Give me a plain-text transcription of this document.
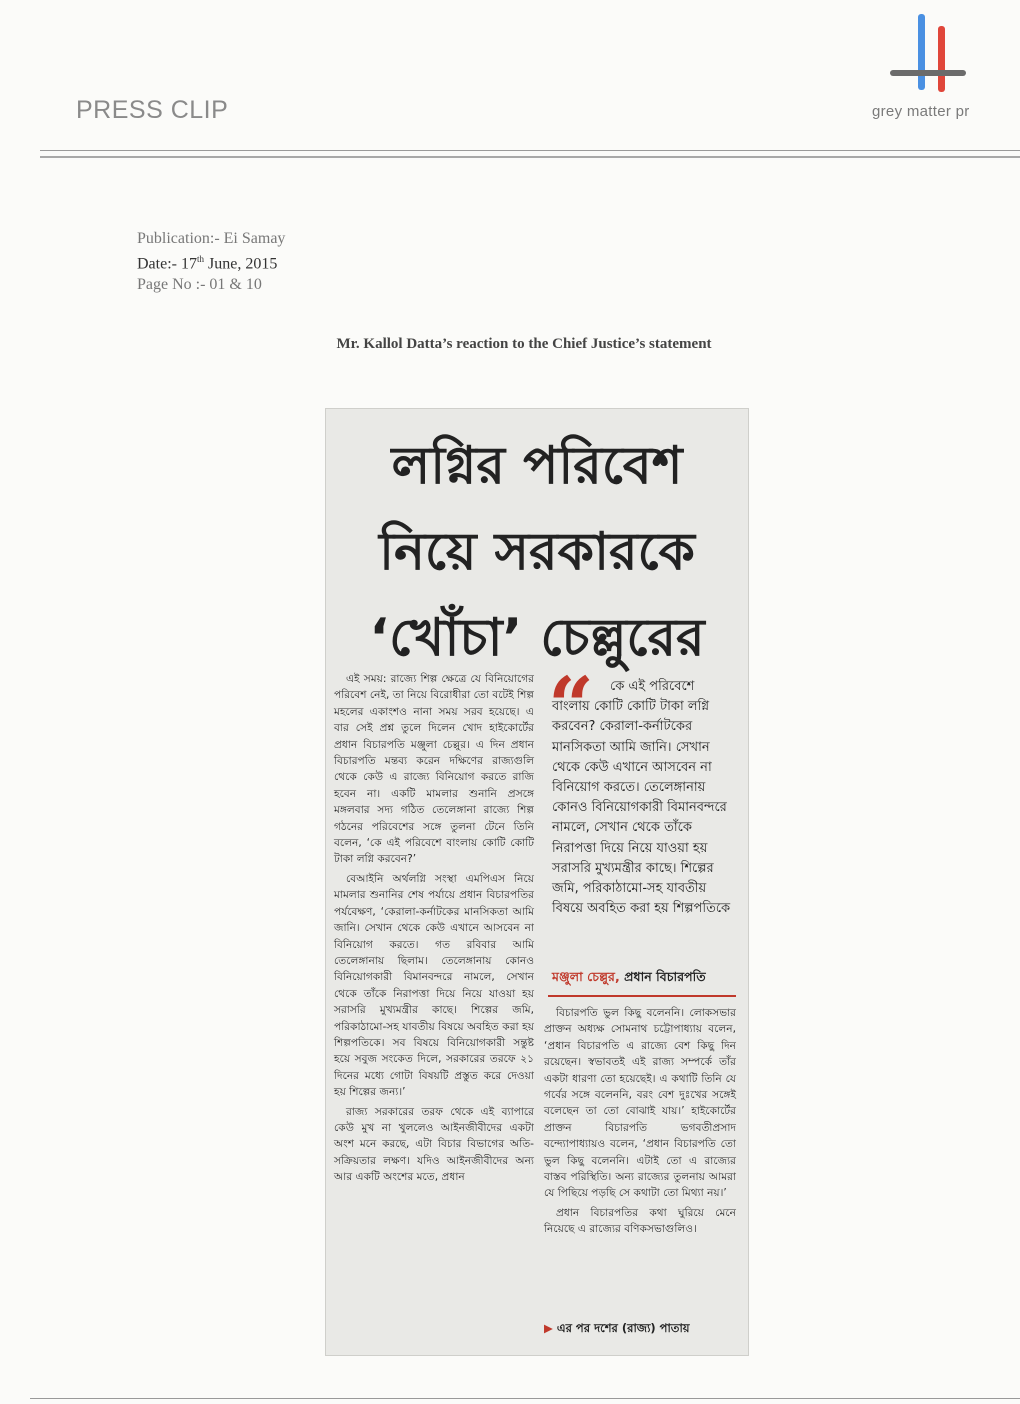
PRESS CLIP	grey matter pr
Publication:- Ei Samay
Date:- 17th June, 2015
Page No :- 01 & 10
Mr. Kallol Datta’s reaction to the Chief Justice’s statement
লগ্নির পরিবেশ
নিয়ে সরকারকে
‘খোঁচা’ চেল্লুরের

এই সময়: রাজ্যে শিল্প ক্ষেত্রে যে বিনিয়োগের পরিবেশ নেই, তা নিয়ে বিরোধীরা তো বটেই শিল্প মহলের একাংশও নানা সময় সরব হয়েছে। এ বার সেই প্রশ্ন তুলে দিলেন খোদ হাইকোর্টের প্রধান বিচারপতি মঞ্জুলা চেল্লুর। এ দিন প্রধান বিচারপতি মন্তব্য করেন দক্ষিণের রাজ্যগুলি থেকে কেউ এ রাজ্যে বিনিয়োগ করতে রাজি হবেন না। একটি মামলার শুনানি প্রসঙ্গে মঙ্গলবার সদ্য গঠিত তেলেঙ্গানা রাজ্যে শিল্প গঠনের পরিবেশের সঙ্গে তুলনা টেনে তিনি বলেন, ‘কে এই পরিবেশে বাংলায় কোটি কোটি টাকা লগ্নি করবেন?’

বেআইনি অর্থলগ্নি সংস্থা এমপিএস নিয়ে মামলার শুনানির শেষ পর্যায়ে প্রধান বিচারপতির পর্যবেক্ষণ, ‘কেরালা-কর্নাটকের মানসিকতা আমি জানি। সেখান থেকে কেউ এখানে আসবেন না বিনিয়োগ করতে। গত রবিবার আমি তেলেঙ্গানায় ছিলাম। তেলেঙ্গানায় কোনও বিনিয়োগকারী বিমানবন্দরে নামলে, সেখান থেকে তাঁকে নিরাপত্তা দিয়ে নিয়ে যাওয়া হয় সরাসরি মুখ্যমন্ত্রীর কাছে। শিল্পের জমি, পরিকাঠামো-সহ যাবতীয় বিষয়ে অবহিত করা হয় শিল্পপতিকে। সব বিষয়ে বিনিয়োগকারী সন্তুষ্ট হয়ে সবুজ সংকেত দিলে, সরকারের তরফে ২১ দিনের মধ্যে গোটা বিষয়টি প্রস্তুত করে দেওয়া হয় শিল্পের জন্য।’

রাজ্য সরকারের তরফ থেকে এই ব্যাপারে কেউ মুখ না খুললেও আইনজীবীদের একটা অংশ মনে করছে, এটা বিচার বিভাগের অতি-সক্রিয়তার লক্ষণ। যদিও আইনজীবীদের অন্য আর একটি অংশের মতে, প্রধান

“	কে এই পরিবেশে বাংলায় কোটি কোটি টাকা লগ্নি করবেন? কেরালা-কর্নাটকের মানসিকতা আমি জানি। সেখান থেকে কেউ এখানে আসবেন না বিনিয়োগ করতে। তেলেঙ্গানায় কোনও বিনিয়োগকারী বিমানবন্দরে নামলে, সেখান থেকে তাঁকে নিরাপত্তা দিয়ে নিয়ে যাওয়া হয় সরাসরি মুখ্যমন্ত্রীর কাছে। শিল্পের জমি, পরিকাঠামো-সহ যাবতীয় বিষয়ে অবহিত করা হয় শিল্পপতিকে
মঞ্জুলা চেল্লুর, প্রধান বিচারপতি

বিচারপতি ভুল কিছু বলেননি। লোকসভার প্রাক্তন অধ্যক্ষ সোমনাথ চট্টোপাধ্যায় বলেন, ‘প্রধান বিচারপতি এ রাজ্যে বেশ কিছু দিন রয়েছেন। স্বভাবতই এই রাজ্য সম্পর্কে তাঁর একটা ধারণা তো হয়েছেই। এ কথাটি তিনি যে গর্বের সঙ্গে বলেননি, বরং বেশ দুঃখের সঙ্গেই বলেছেন তা তো বোঝাই যায়।’ হাইকোর্টের প্রাক্তন বিচারপতি ভগবতীপ্রসাদ বন্দ্যোপাধ্যায়ও বলেন, ‘প্রধান বিচারপতি তো ভুল কিছু বলেননি। এটাই তো এ রাজ্যের বাস্তব পরিস্থিতি। অন্য রাজ্যের তুলনায় আমরা যে পিছিয়ে পড়ছি সে কথাটা তো মিথ্যা নয়।’

প্রধান বিচারপতির কথা ঘুরিয়ে মেনে নিয়েছে এ রাজ্যের বণিকসভাগুলিও।

▶ এর পর দশের (রাজ্য) পাতায়
